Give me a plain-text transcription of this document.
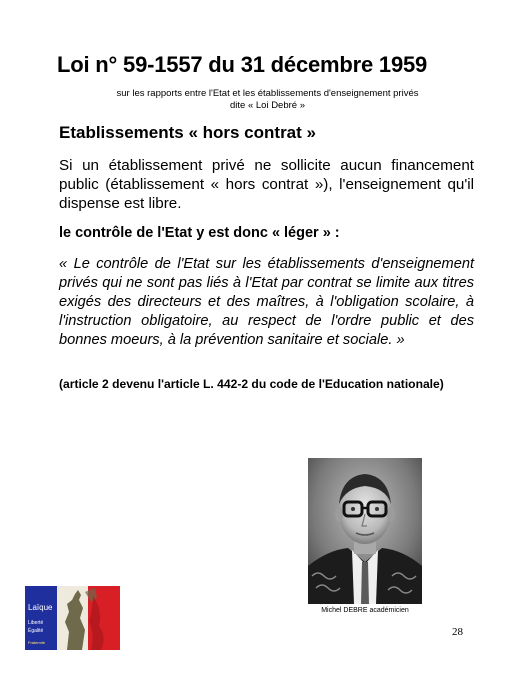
Loi n° 59-1557 du 31 décembre 1959
sur les rapports entre l'Etat et les établissements d'enseignement privés
dite « Loi Debré »
Etablissements « hors contrat »
Si un établissement privé ne sollicite aucun financement public (établissement « hors contrat »), l'enseignement qu'il dispense est libre.
le contrôle de l'Etat y est donc « léger » :
« Le contrôle de l'Etat sur les établissements d'enseignement privés qui ne sont pas liés à l'Etat par contrat se limite aux titres exigés des directeurs et des maîtres, à l'obligation scolaire, à l'instruction obligatoire, au respect de l'ordre public et des bonnes moeurs, à la prévention sanitaire et sociale. »
(article 2 devenu l'article L. 442-2 du code de l'Education nationale)
Michel DEBRE académicien
Laïque
Liberté
Égalité
Fraternité
28
